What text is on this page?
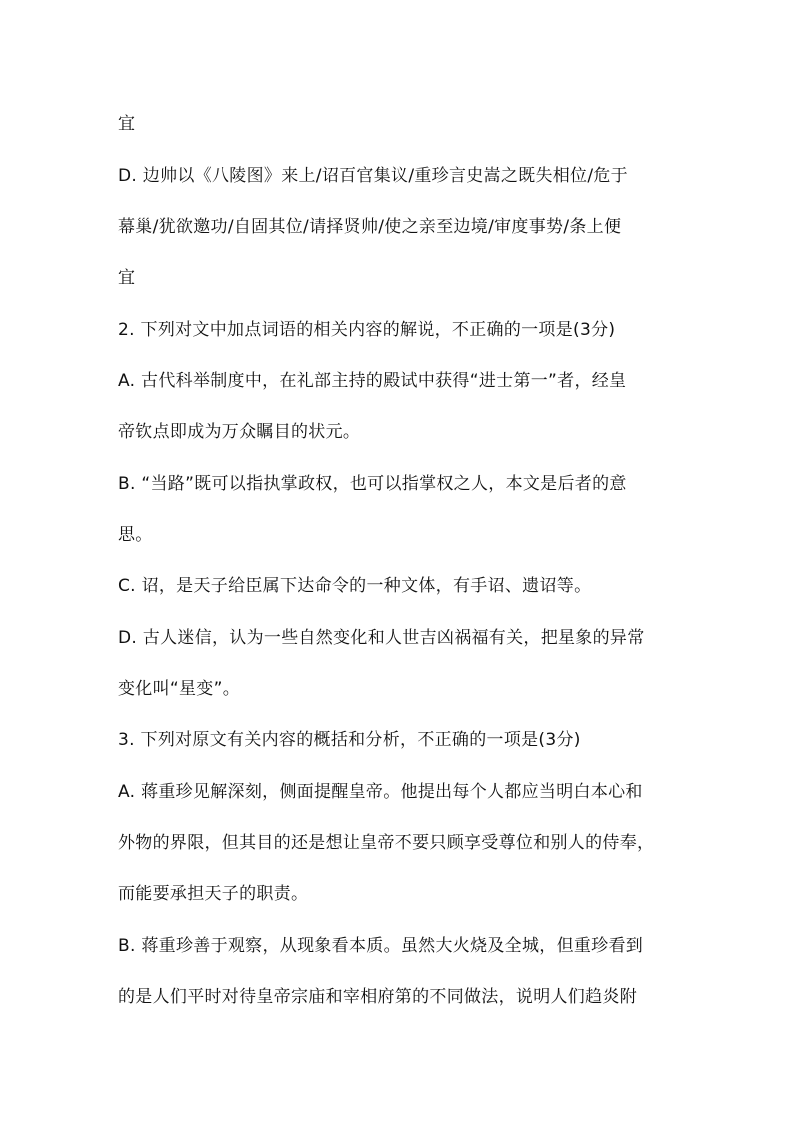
宜
D. 边帅以《八陵图》来上/诏百官集议/重珍言史嵩之既失相位/危于
幕巢/犹欲邀功/自固其位/请择贤帅/使之亲至边境/审度事势/条上便
宜
2. 下列对文中加点词语的相关内容的解说，不正确的一项是(3分)
A. 古代科举制度中，在礼部主持的殿试中获得“进士第一”者，经皇
帝钦点即成为万众瞩目的状元。
B. “当路”既可以指执掌政权，也可以指掌权之人，本文是后者的意
思。
C. 诏，是天子给臣属下达命令的一种文体，有手诏、遗诏等。
D. 古人迷信，认为一些自然变化和人世吉凶祸福有关，把星象的异常
变化叫“星变”。
3. 下列对原文有关内容的概括和分析，不正确的一项是(3分)
A. 蒋重珍见解深刻，侧面提醒皇帝。他提出每个人都应当明白本心和
外物的界限，但其目的还是想让皇帝不要只顾享受尊位和别人的侍奉，
而能要承担天子的职责。
B. 蒋重珍善于观察，从现象看本质。虽然大火烧及全城，但重珍看到
的是人们平时对待皇帝宗庙和宰相府第的不同做法，说明人们趋炎附
